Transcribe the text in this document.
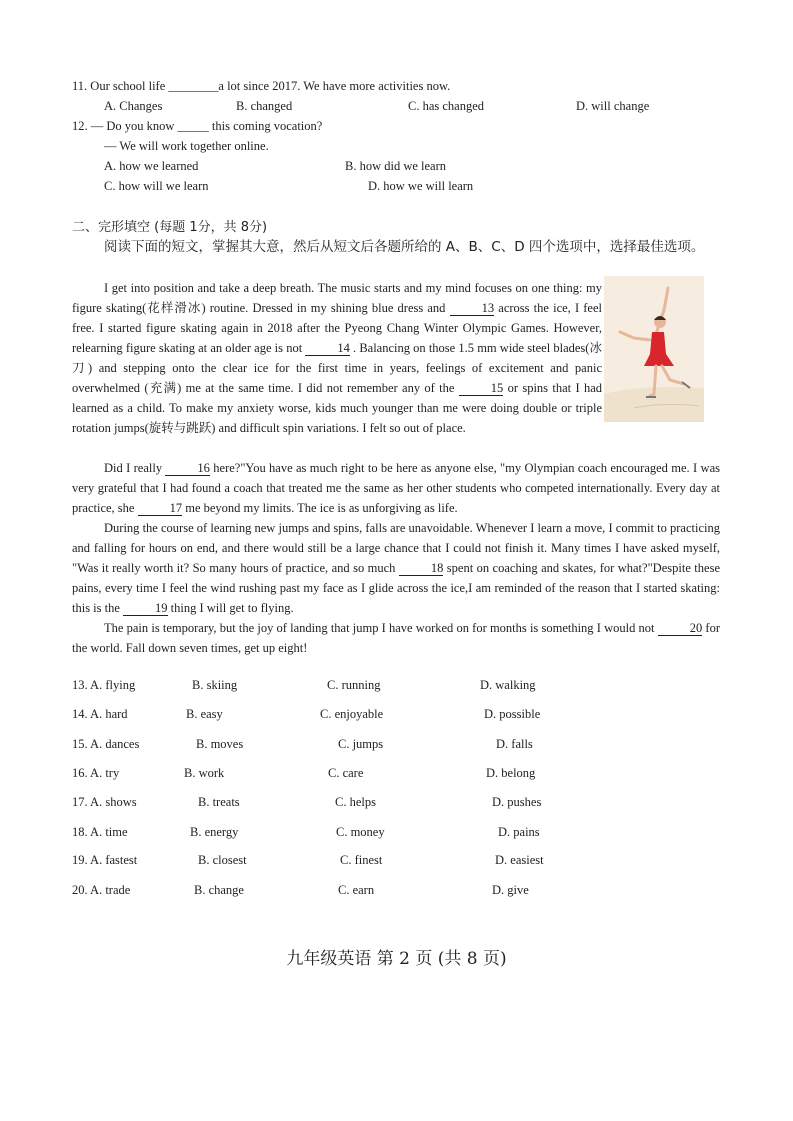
11. Our school life ________a lot since 2017. We have more activities now.
A. Changes	B. changed	C. has changed	D. will change
12. — Do you know _____ this coming vocation?
— We will work together online.
A. how we learned	B. how did we learn
C. how will we learn	D. how we will learn
二、完形填空 (每题 1分，共 8分)
阅读下面的短文，掌握其大意，然后从短文后各题所给的 A、B、C、D 四个选项中，选择最佳选项。

I get into position and take a deep breath. The music starts and my mind focuses on one thing: my figure skating(花样滑冰) routine. Dressed in my shining blue dress and	13 across the ice, I feel free. I started figure skating again in 2018 after the Pyeong Chang Winter Olympic Games. However, relearning figure skating at an older age is not	14 . Balancing on those 1.5 mm wide steel blades(冰刀) and stepping onto the clear ice for the first time in years, feelings of excitement and panic overwhelmed (充满) me at the same time. I did not remember any of the	15 or spins that I had learned as a child. To make my anxiety worse, kids much younger than me were doing double or triple rotation jumps(旋转与跳跃) and difficult spin variations. I felt so out of place.

Did I really	16 here?"You have as much right to be here as anyone else, "my Olympian coach encouraged me. I was very grateful that I had found a coach that treated me the same as her other students who competed internationally. Every day at practice, she	17 me beyond my limits. The ice is as unforgiving as life.

During the course of learning new jumps and spins, falls are unavoidable. Whenever I learn a move, I commit to practicing and falling for hours on end, and there would still be a large chance that I could not finish it. Many times I have asked myself, "Was it really worth it? So many hours of practice, and so much	18 spent on coaching and skates, for what?"Despite these pains, every time I feel the wind rushing past my face as I glide across the ice,I am reminded of the reason that I started skating: this is the	19 thing I will get to flying.

The pain is temporary, but the joy of landing that jump I have worked on for months is something I would not	20 for the world. Fall down seven times, get up eight!

13. A. flying	B. skiing	C. running	D. walking
14. A. hard	B. easy	C. enjoyable	D. possible
15. A. dances	B. moves	C. jumps	D. falls
16. A. try	B. work	C. care	D. belong
17. A. shows	B. treats	C. helps	D. pushes
18. A. time	B. energy	C. money	D. pains
19. A. fastest	B. closest	C. finest	D. easiest
20. A. trade	B. change	C. earn	D. give
九年级英语 第 2 页 (共 8 页)
